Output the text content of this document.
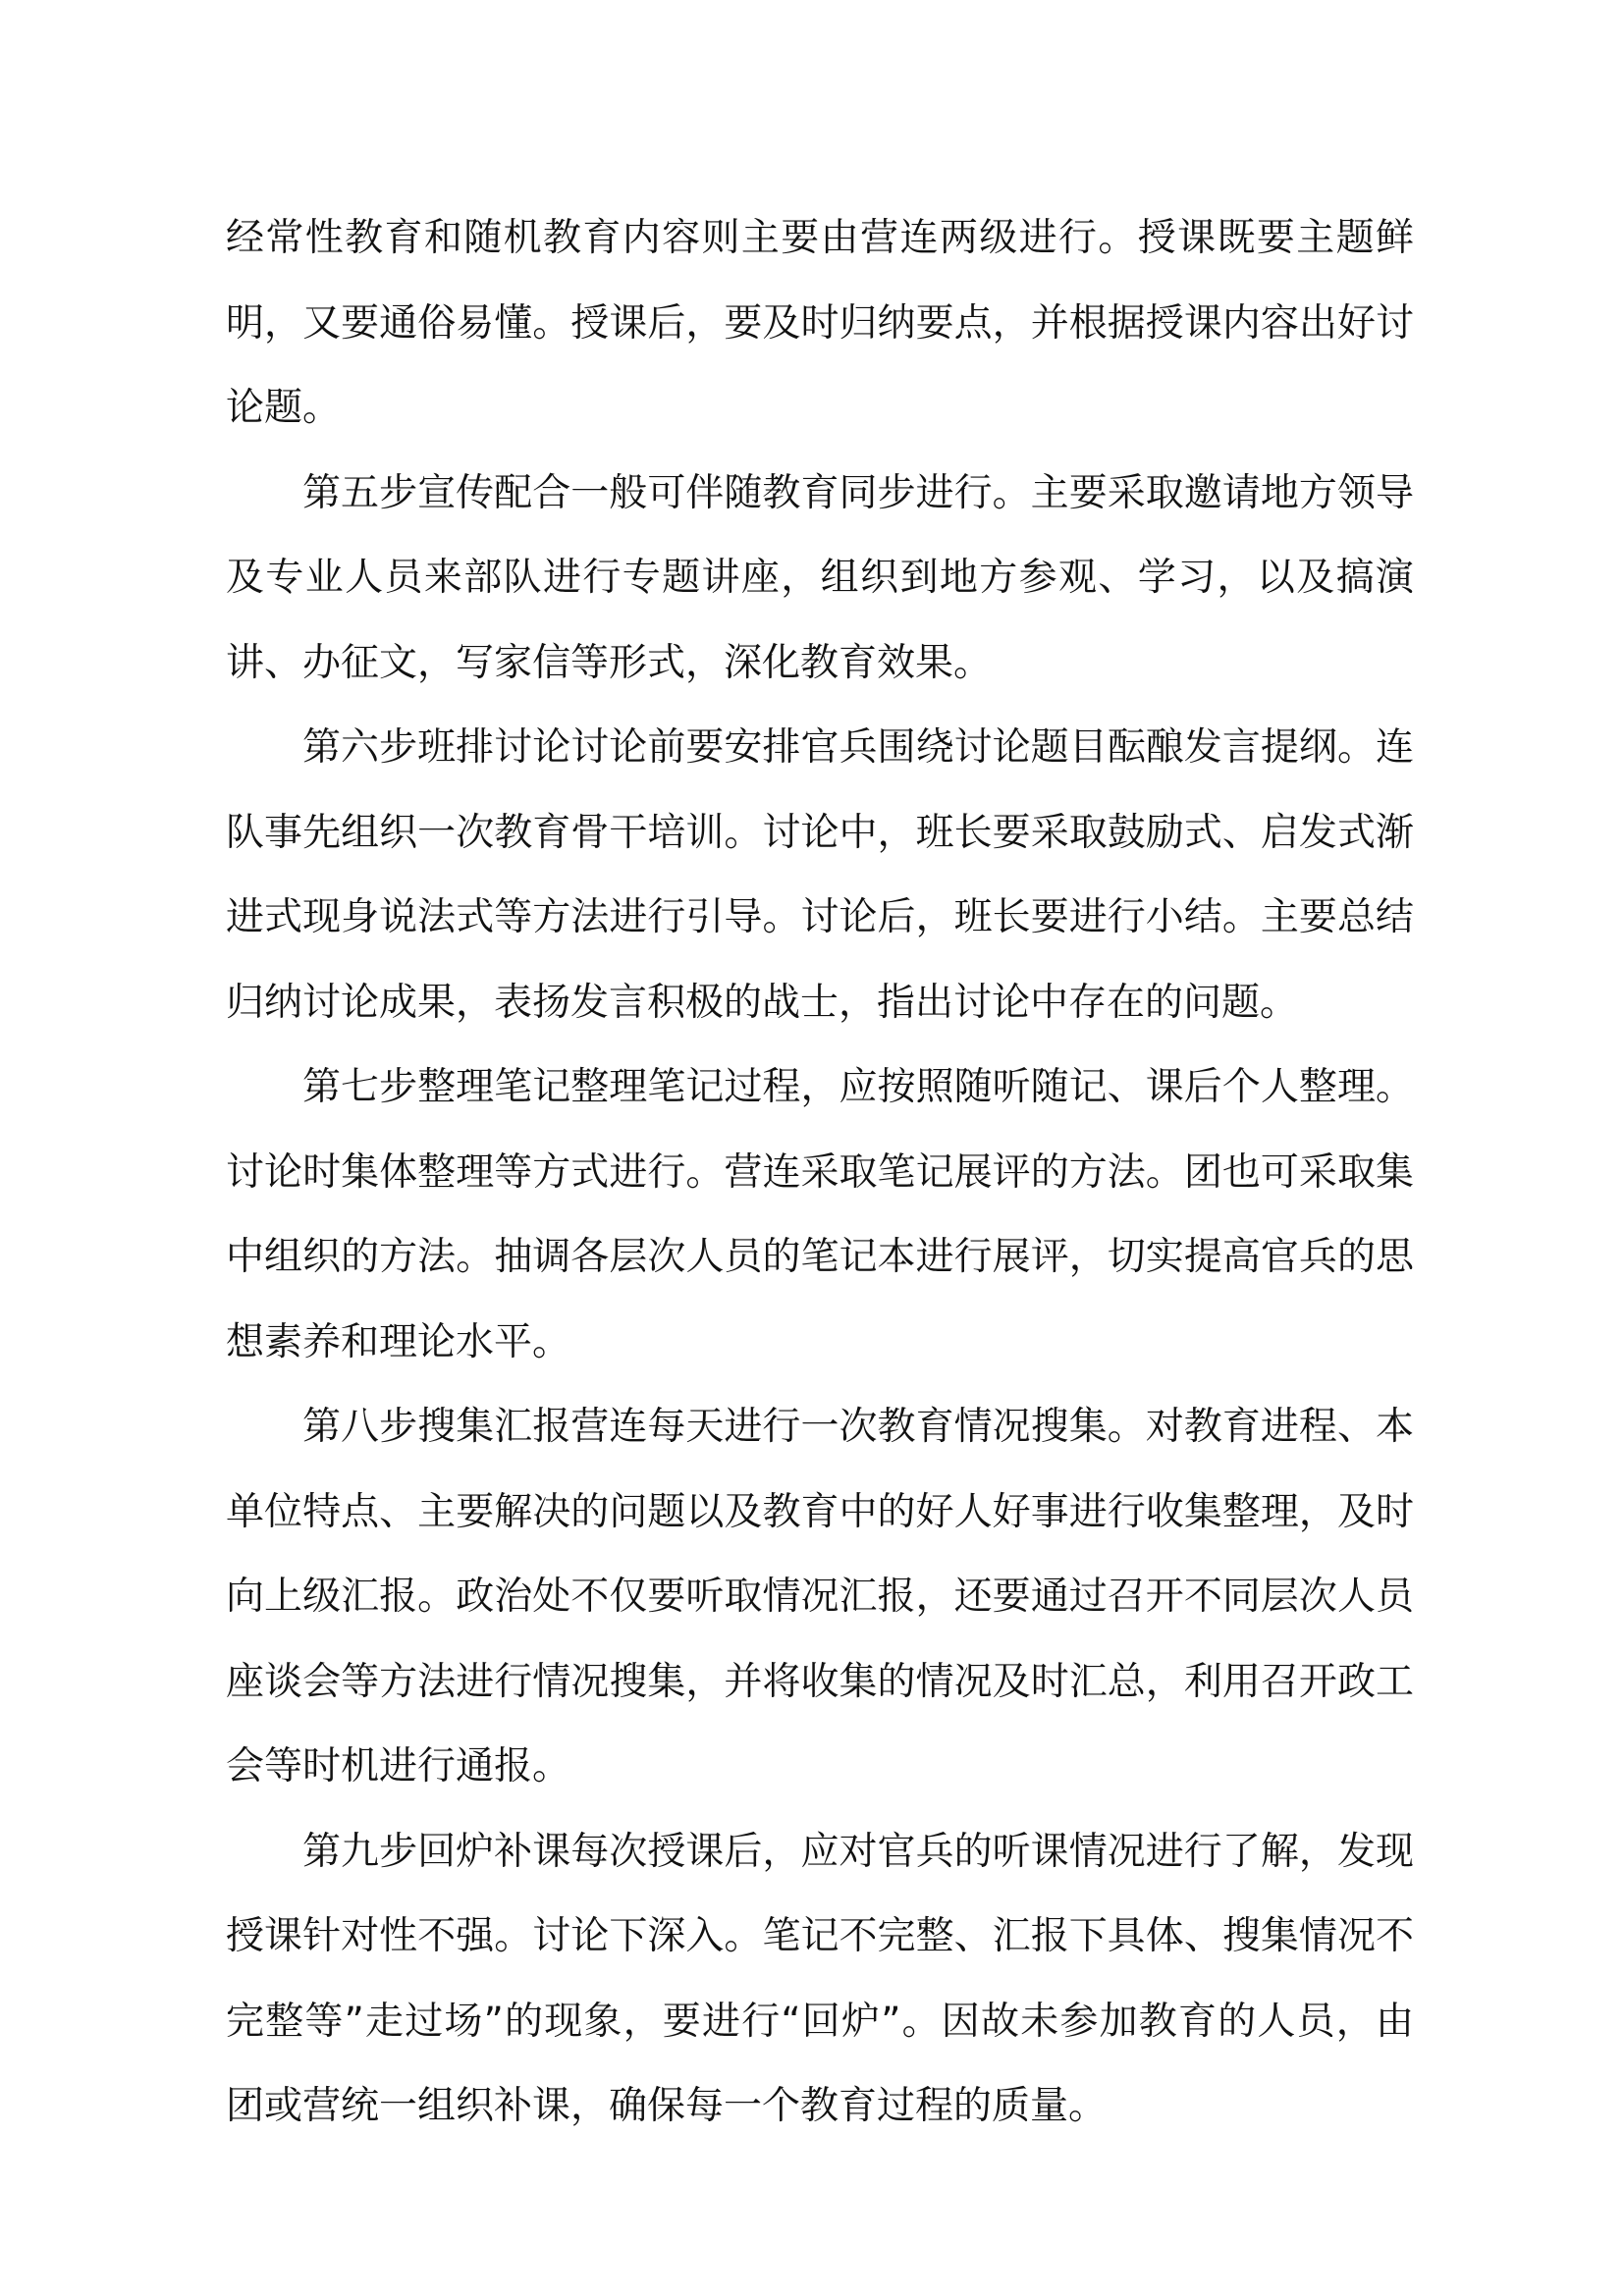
经常性教育和随机教育内容则主要由营连两级进行。授课既要主题鲜明，又要通俗易懂。授课后，要及时归纳要点，并根据授课内容出好讨论题。

第五步宣传配合一般可伴随教育同步进行。主要采取邀请地方领导及专业人员来部队进行专题讲座，组织到地方参观、学习，以及搞演讲、办征文，写家信等形式，深化教育效果。

第六步班排讨论讨论前要安排官兵围绕讨论题目酝酿发言提纲。连队事先组织一次教育骨干培训。讨论中，班长要采取鼓励式、启发式渐进式现身说法式等方法进行引导。讨论后，班长要进行小结。主要总结归纳讨论成果，表扬发言积极的战士，指出讨论中存在的问题。

第七步整理笔记整理笔记过程，应按照随听随记、课后个人整理。讨论时集体整理等方式进行。营连采取笔记展评的方法。团也可采取集中组织的方法。抽调各层次人员的笔记本进行展评，切实提高官兵的思想素养和理论水平。

第八步搜集汇报营连每天进行一次教育情况搜集。对教育进程、本单位特点、主要解决的问题以及教育中的好人好事进行收集整理，及时向上级汇报。政治处不仅要听取情况汇报，还要通过召开不同层次人员座谈会等方法进行情况搜集，并将收集的情况及时汇总，利用召开政工会等时机进行通报。

第九步回炉补课每次授课后，应对官兵的听课情况进行了解，发现授课针对性不强。讨论下深入。笔记不完整、汇报下具体、搜集情况不完整等”走过场”的现象，要进行“回炉”。因故未参加教育的人员，由团或营统一组织补课，确保每一个教育过程的质量。
